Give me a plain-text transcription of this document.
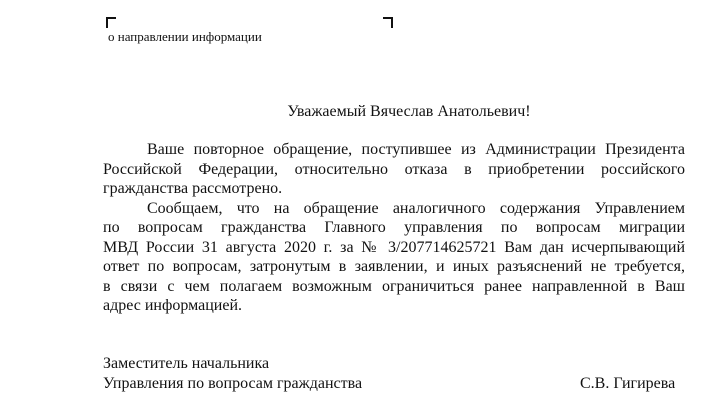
о направлении информации
Уважаемый Вячеслав Анатольевич!

Ваше повторное обращение, поступившее из Администрации Президента
Российской Федерации, относительно отказа в приобретении российского
гражданства рассмотрено.

Сообщаем, что на обращение аналогичного содержания Управлением
по вопросам гражданства Главного управления по вопросам миграции
МВД России 31 августа 2020 г. за № 3/207714625721 Вам дан исчерпывающий
ответ по вопросам, затронутым в заявлении, и иных разъяснений не требуется,
в связи с чем полагаем возможным ограничиться ранее направленной в Ваш
адрес информацией.

Заместитель начальника
Управления по вопросам гражданства	С.В. Гигирева
